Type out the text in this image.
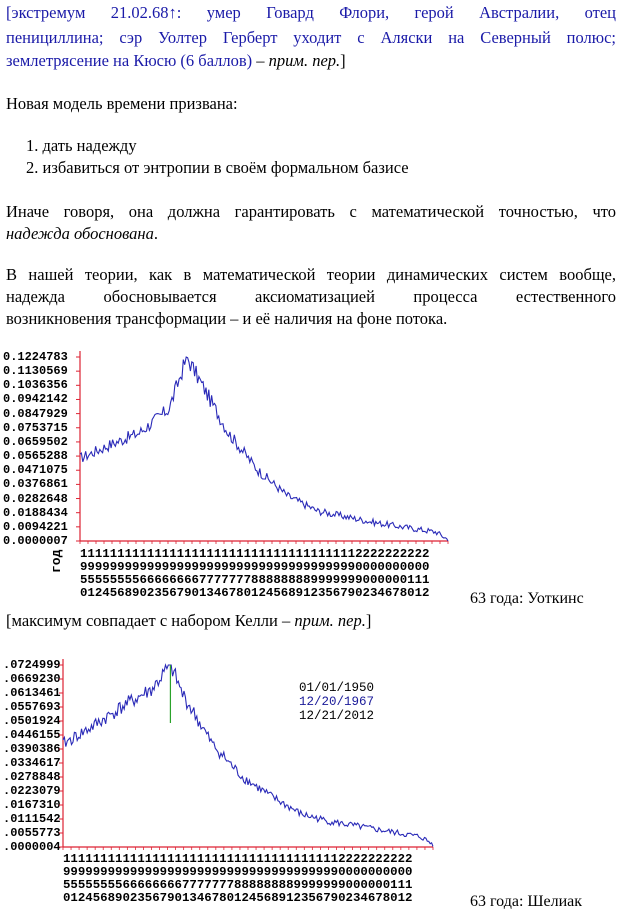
[экстремум 21.02.68↑: умер Говард Флори, герой Австралии, отец
пенициллина; сэр Уолтер Герберт уходит с Аляски на Северный полюс;
землетрясение на Кюсю (6 баллов) – прим. пер.]
Новая модель времени призвана:
1. дать надежду
2. избавиться от энтропии в своём формальном базисе
Иначе говоря, она должна гарантировать с математической точностью, что
надежда обоснована.
В нашей теории, как в математической теории динамических систем вообще,
надежда обосновывается аксиоматизацией процесса естественного
возникновения трансформации – и её наличия на фоне потока.
0.1224783
0.1130569
0.1036356
0.0942142
0.0847929
0.0753715
0.0659502
0.0565288
0.0471075
0.0376861
0.0282648
0.0188434
0.0094221
0.0000007
год 11111111111111111111111111111111111112222222222
99999999999999999999999999999999999990000000000
55555555666666667777777888888889999999000000111
01245689023567901346780124568912356790234678012	63 года: Уоткинс
[максимум совпадает с набором Келли – прим. пер.]
.0724999
.0669230
.0613461
.0557693
.0501924
.0446155
.0390386
.0334617
.0278848
.0223079
.0167310
.0111542
.0055773
.0000004
01/01/1950
12/20/1967
12/21/2012
11111111111111111111111111111111111112222222222
99999999999999999999999999999999999990000000000
55555555666666667777777888888889999999000000111
01245689023567901346780124568912356790234678012	63 года: Шелиак
